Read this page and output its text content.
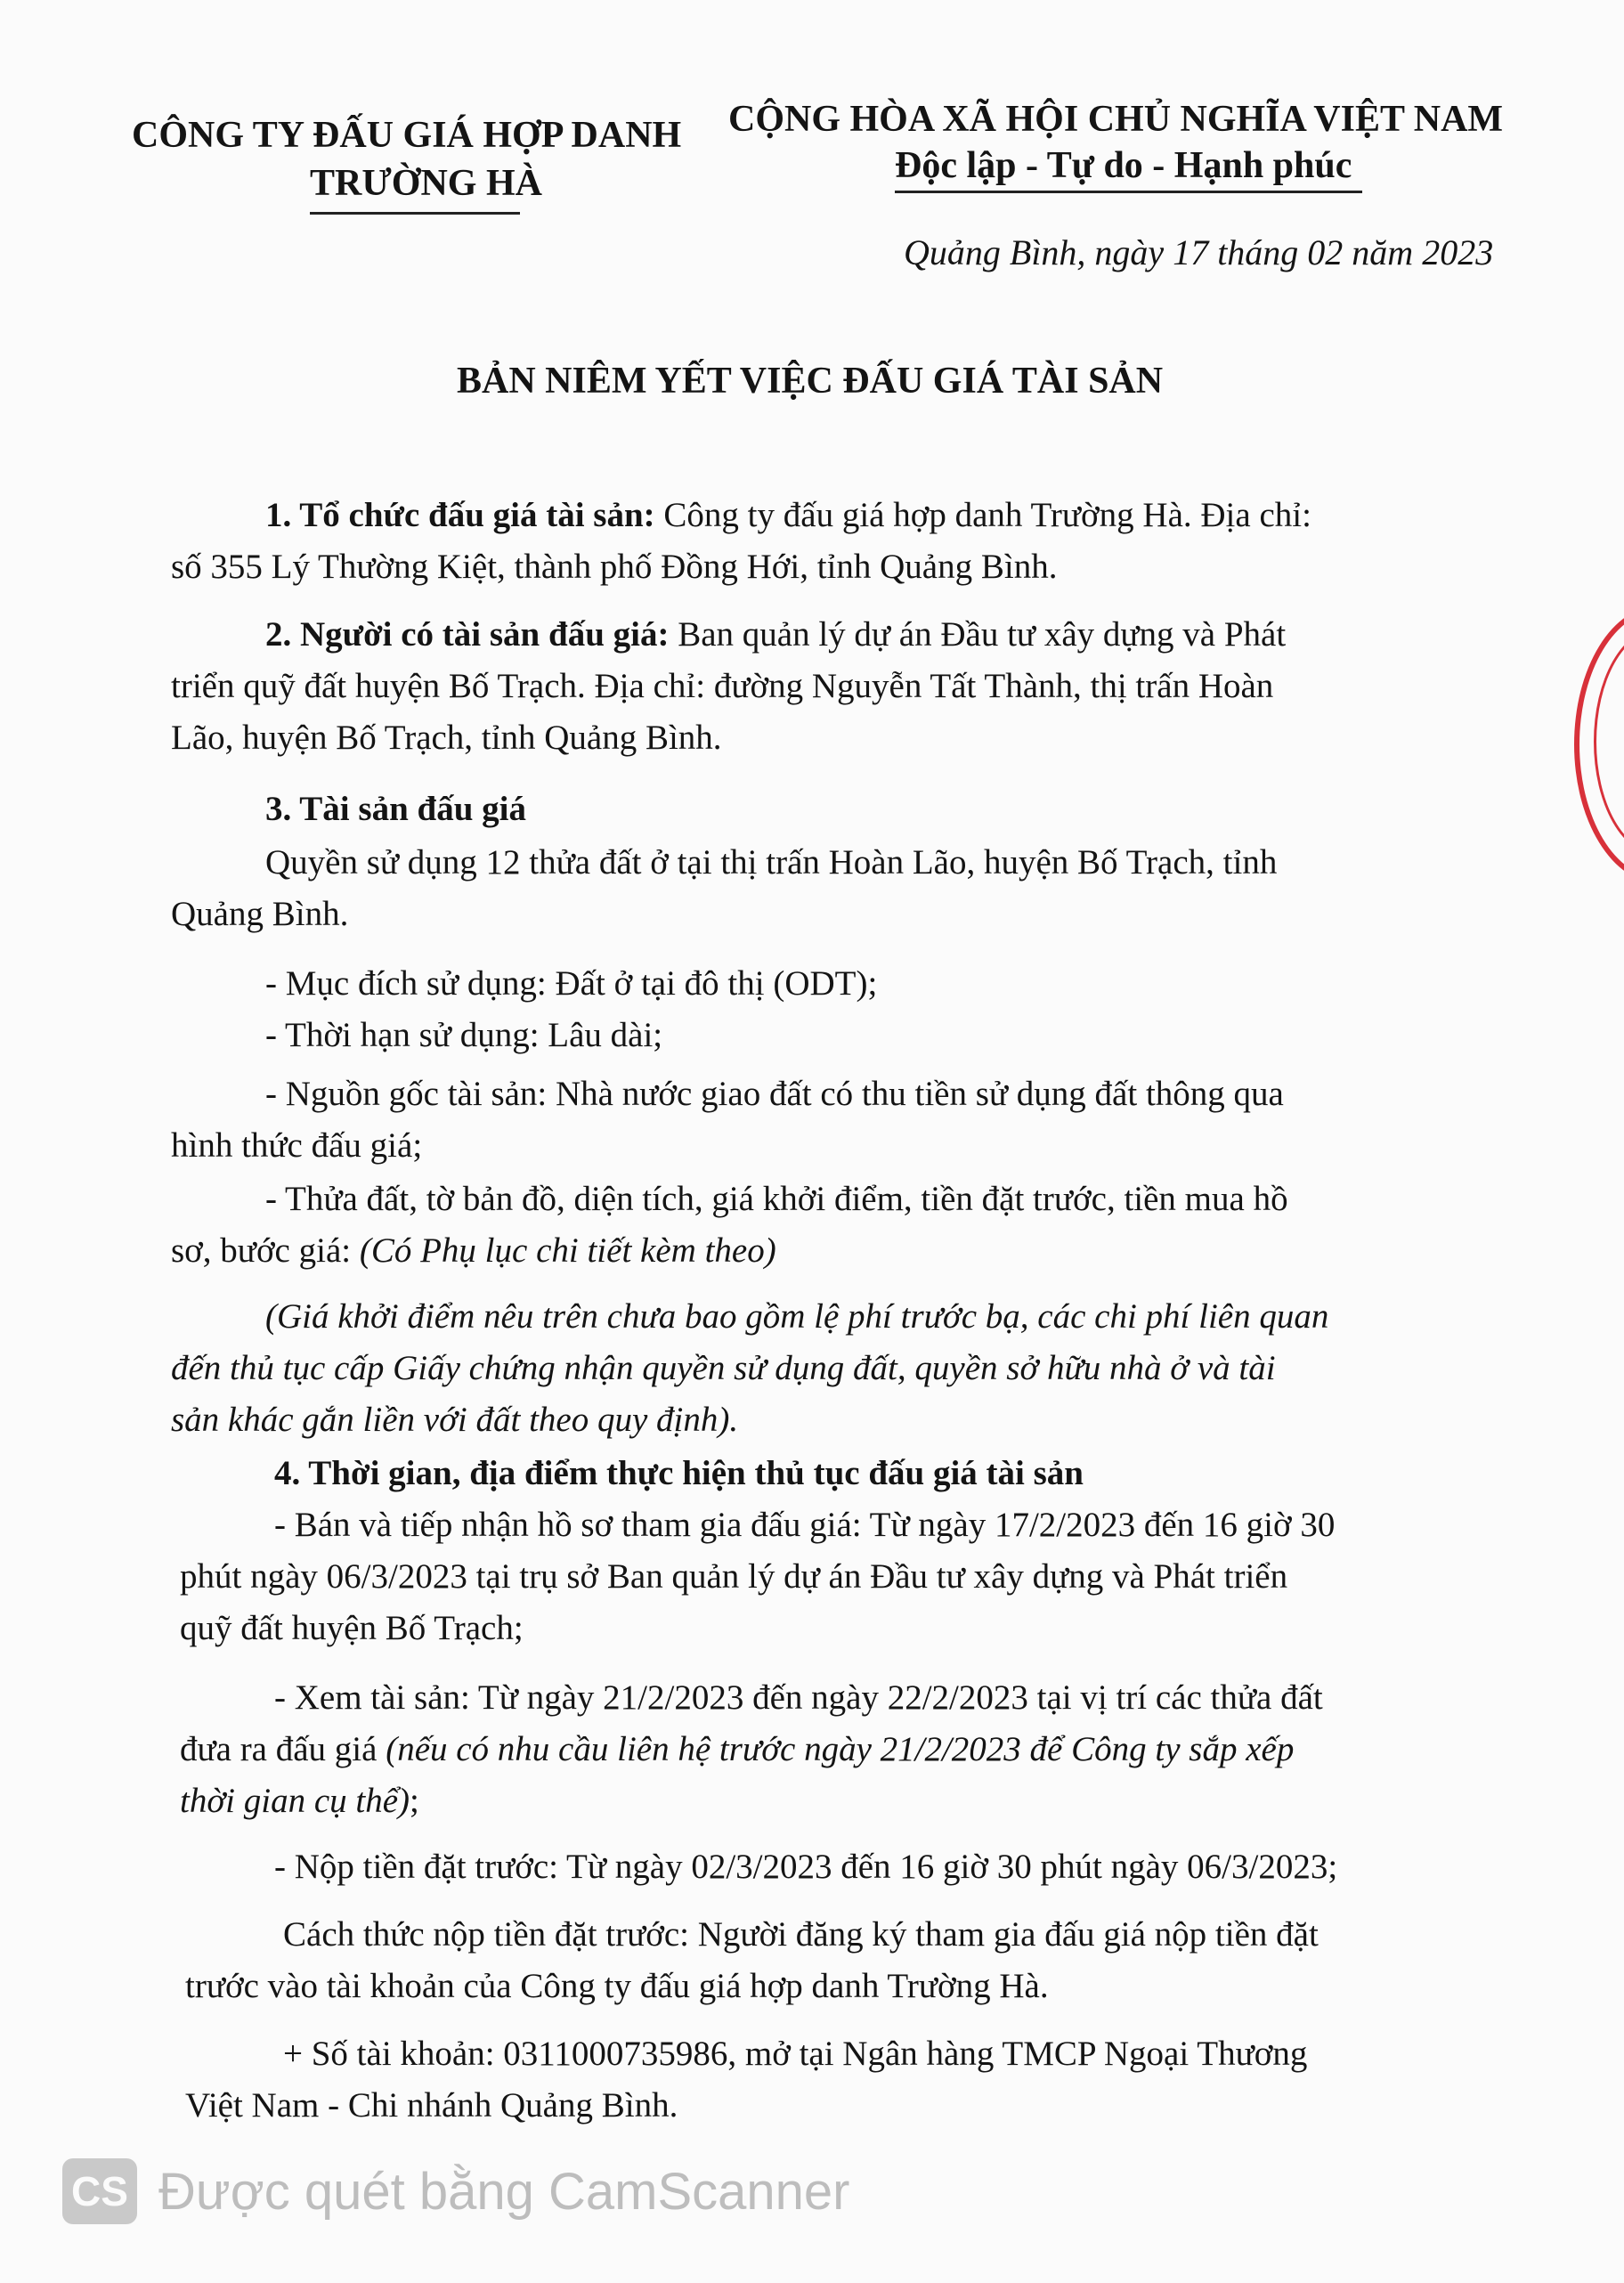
CÔNG TY ĐẤU GIÁ HỢP DANH
TRƯỜNG HÀ
CỘNG HÒA XÃ HỘI CHỦ NGHĨA VIỆT NAM
Độc lập - Tự do - Hạnh phúc
Quảng Bình, ngày 17 tháng 02 năm 2023
BẢN NIÊM YẾT VIỆC ĐẤU GIÁ TÀI SẢN
1. Tổ chức đấu giá tài sản: Công ty đấu giá hợp danh Trường Hà. Địa chỉ:
số 355 Lý Thường Kiệt, thành phố Đồng Hới, tỉnh Quảng Bình.
2. Người có tài sản đấu giá: Ban quản lý dự án Đầu tư xây dựng và Phát
triển quỹ đất huyện Bố Trạch. Địa chỉ: đường Nguyễn Tất Thành, thị trấn Hoàn
Lão, huyện Bố Trạch, tỉnh Quảng Bình.
3. Tài sản đấu giá
Quyền sử dụng 12 thửa đất ở tại thị trấn Hoàn Lão, huyện Bố Trạch, tỉnh
Quảng Bình.
- Mục đích sử dụng: Đất ở tại đô thị (ODT);
- Thời hạn sử dụng: Lâu dài;
- Nguồn gốc tài sản: Nhà nước giao đất có thu tiền sử dụng đất thông qua
hình thức đấu giá;
- Thửa đất, tờ bản đồ, diện tích, giá khởi điểm, tiền đặt trước, tiền mua hồ
sơ, bước giá: (Có Phụ lục chi tiết kèm theo)
(Giá khởi điểm nêu trên chưa bao gồm lệ phí trước bạ, các chi phí liên quan
đến thủ tục cấp Giấy chứng nhận quyền sử dụng đất, quyền sở hữu nhà ở và tài
sản khác gắn liền với đất theo quy định).
4. Thời gian, địa điểm thực hiện thủ tục đấu giá tài sản
- Bán và tiếp nhận hồ sơ tham gia đấu giá: Từ ngày 17/2/2023 đến 16 giờ 30
phút ngày 06/3/2023 tại trụ sở Ban quản lý dự án Đầu tư xây dựng và Phát triển
quỹ đất huyện Bố Trạch;
- Xem tài sản: Từ ngày 21/2/2023 đến ngày 22/2/2023 tại vị trí các thửa đất
đưa ra đấu giá (nếu có nhu cầu liên hệ trước ngày 21/2/2023 để Công ty sắp xếp
thời gian cụ thể);
- Nộp tiền đặt trước: Từ ngày 02/3/2023 đến 16 giờ 30 phút ngày 06/3/2023;
Cách thức nộp tiền đặt trước: Người đăng ký tham gia đấu giá nộp tiền đặt
trước vào tài khoản của Công ty đấu giá hợp danh Trường Hà.
+ Số tài khoản: 0311000735986, mở tại Ngân hàng TMCP Ngoại Thương
Việt Nam - Chi nhánh Quảng Bình.
CS Được quét bằng CamScanner
